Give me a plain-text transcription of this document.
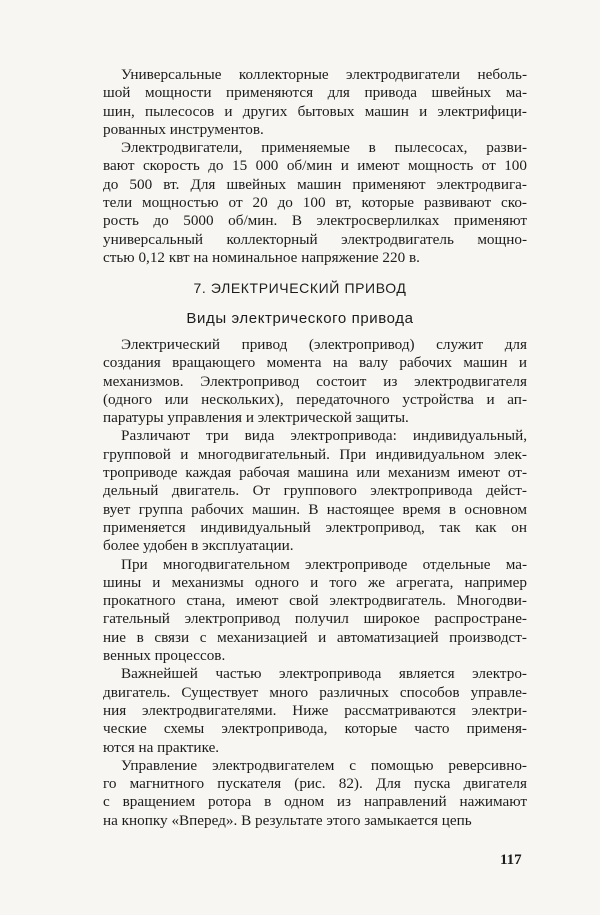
Универсальные коллекторные электродвигатели неболь-
шой мощности применяются для привода швейных ма-
шин, пылесосов и других бытовых машин и электрифици-
рованных инструментов.

Электродвигатели, применяемые в пылесосах, разви-
вают скорость до 15 000 об/мин и имеют мощность от 100
до 500 вт. Для швейных машин применяют электродвига-
тели мощностью от 20 до 100 вт, которые развивают ско-
рость до 5000 об/мин. В электросверлилках применяют
универсальный коллекторный электродвигатель мощно-
стью 0,12 квт на номинальное напряжение 220 в.

7. ЭЛЕКТРИЧЕСКИЙ ПРИВОД
Виды электрического привода

Электрический привод (электропривод) служит для
создания вращающего момента на валу рабочих машин и
механизмов. Электропривод состоит из электродвигателя
(одного или нескольких), передаточного устройства и ап-
паратуры управления и электрической защиты.

Различают три вида электропривода: индивидуальный,
групповой и многодвигательный. При индивидуальном элек-
троприводе каждая рабочая машина или механизм имеют от-
дельный двигатель. От группового электропривода дейст-
вует группа рабочих машин. В настоящее время в основном
применяется индивидуальный электропривод, так как он
более удобен в эксплуатации.

При многодвигательном электроприводе отдельные ма-
шины и механизмы одного и того же агрегата, например
прокатного стана, имеют свой электродвигатель. Многодви-
гательный электропривод получил широкое распростране-
ние в связи с механизацией и автоматизацией производст-
венных процессов.

Важнейшей частью электропривода является электро-
двигатель. Существует много различных способов управле-
ния электродвигателями. Ниже рассматриваются электри-
ческие схемы электропривода, которые часто применя-
ются на практике.

Управление электродвигателем с помощью реверсивно-
го магнитного пускателя (рис. 82). Для пуска двигателя
с вращением ротора в одном из направлений нажимают
на кнопку «Вперед». В результате этого замыкается цепь

117
